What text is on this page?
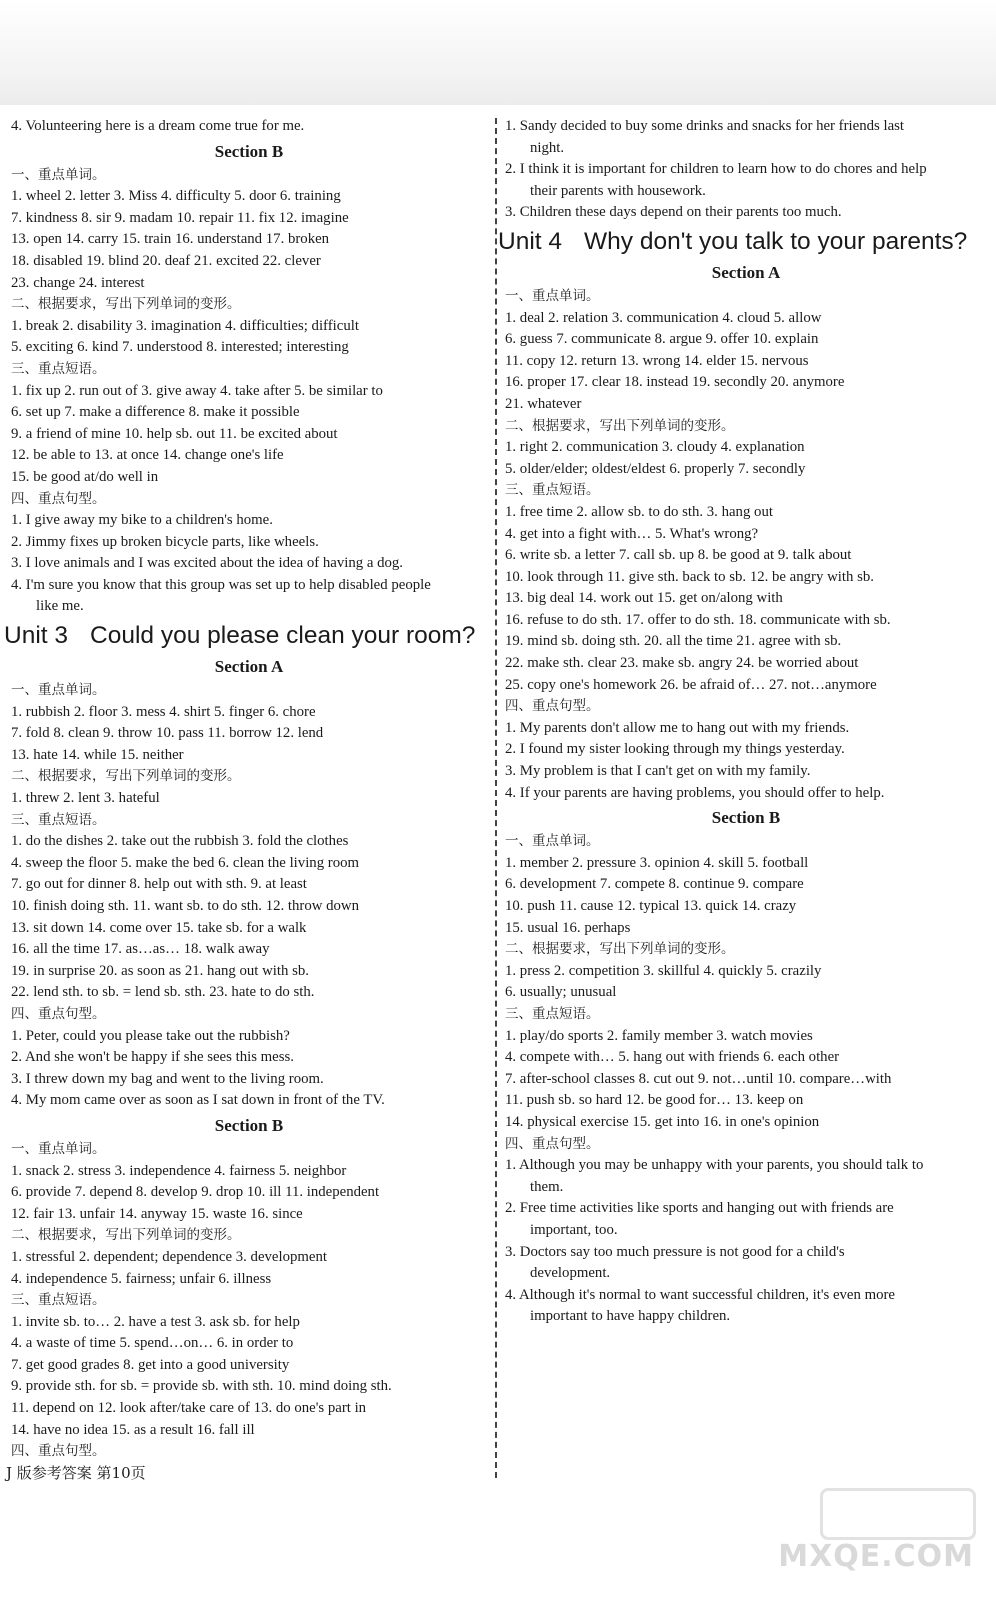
4. Volunteering here is a dream come true for me.
Section B
一、重点单词。
1. wheel 2. letter 3. Miss 4. difficulty 5. door 6. training
7. kindness 8. sir 9. madam 10. repair 11. fix 12. imagine
13. open 14. carry 15. train 16. understand 17. broken
18. disabled 19. blind 20. deaf 21. excited 22. clever
23. change 24. interest
二、根据要求，写出下列单词的变形。
1. break 2. disability 3. imagination 4. difficulties; difficult
5. exciting 6. kind 7. understood 8. interested; interesting
三、重点短语。
1. fix up 2. run out of 3. give away 4. take after 5. be similar to
6. set up 7. make a difference 8. make it possible
9. a friend of mine 10. help sb. out 11. be excited about
12. be able to 13. at once 14. change one's life
15. be good at/do well in
四、重点句型。
1. I give away my bike to a children's home.
2. Jimmy fixes up broken bicycle parts, like wheels.
3. I love animals and I was excited about the idea of having a dog.
4. I'm sure you know that this group was set up to help disabled people
like me.
Unit 3 Could you please clean your room?
Section A
一、重点单词。
1. rubbish 2. floor 3. mess 4. shirt 5. finger 6. chore
7. fold 8. clean 9. throw 10. pass 11. borrow 12. lend
13. hate 14. while 15. neither
二、根据要求，写出下列单词的变形。
1. threw 2. lent 3. hateful
三、重点短语。
1. do the dishes 2. take out the rubbish 3. fold the clothes
4. sweep the floor 5. make the bed 6. clean the living room
7. go out for dinner 8. help out with sth. 9. at least
10. finish doing sth. 11. want sb. to do sth. 12. throw down
13. sit down 14. come over 15. take sb. for a walk
16. all the time 17. as…as… 18. walk away
19. in surprise 20. as soon as 21. hang out with sb.
22. lend sth. to sb. = lend sb. sth. 23. hate to do sth.
四、重点句型。
1. Peter, could you please take out the rubbish?
2. And she won't be happy if she sees this mess.
3. I threw down my bag and went to the living room.
4. My mom came over as soon as I sat down in front of the TV.
Section B
一、重点单词。
1. snack 2. stress 3. independence 4. fairness 5. neighbor
6. provide 7. depend 8. develop 9. drop 10. ill 11. independent
12. fair 13. unfair 14. anyway 15. waste 16. since
二、根据要求，写出下列单词的变形。
1. stressful 2. dependent; dependence 3. development
4. independence 5. fairness; unfair 6. illness
三、重点短语。
1. invite sb. to… 2. have a test 3. ask sb. for help
4. a waste of time 5. spend…on… 6. in order to
7. get good grades 8. get into a good university
9. provide sth. for sb. = provide sb. with sth. 10. mind doing sth.
11. depend on 12. look after/take care of 13. do one's part in
14. have no idea 15. as a result 16. fall ill
四、重点句型。
1. Sandy decided to buy some drinks and snacks for her friends last
night.
2. I think it is important for children to learn how to do chores and help
their parents with housework.
3. Children these days depend on their parents too much.
Unit 4 Why don't you talk to your parents?
Section A
一、重点单词。
1. deal 2. relation 3. communication 4. cloud 5. allow
6. guess 7. communicate 8. argue 9. offer 10. explain
11. copy 12. return 13. wrong 14. elder 15. nervous
16. proper 17. clear 18. instead 19. secondly 20. anymore
21. whatever
二、根据要求，写出下列单词的变形。
1. right 2. communication 3. cloudy 4. explanation
5. older/elder; oldest/eldest 6. properly 7. secondly
三、重点短语。
1. free time 2. allow sb. to do sth. 3. hang out
4. get into a fight with… 5. What's wrong?
6. write sb. a letter 7. call sb. up 8. be good at 9. talk about
10. look through 11. give sth. back to sb. 12. be angry with sb.
13. big deal 14. work out 15. get on/along with
16. refuse to do sth. 17. offer to do sth. 18. communicate with sb.
19. mind sb. doing sth. 20. all the time 21. agree with sb.
22. make sth. clear 23. make sb. angry 24. be worried about
25. copy one's homework 26. be afraid of… 27. not…anymore
四、重点句型。
1. My parents don't allow me to hang out with my friends.
2. I found my sister looking through my things yesterday.
3. My problem is that I can't get on with my family.
4. If your parents are having problems, you should offer to help.
Section B
一、重点单词。
1. member 2. pressure 3. opinion 4. skill 5. football
6. development 7. compete 8. continue 9. compare
10. push 11. cause 12. typical 13. quick 14. crazy
15. usual 16. perhaps
二、根据要求，写出下列单词的变形。
1. press 2. competition 3. skillful 4. quickly 5. crazily
6. usually; unusual
三、重点短语。
1. play/do sports 2. family member 3. watch movies
4. compete with… 5. hang out with friends 6. each other
7. after-school classes 8. cut out 9. not…until 10. compare…with
11. push sb. so hard 12. be good for… 13. keep on
14. physical exercise 15. get into 16. in one's opinion
四、重点句型。
1. Although you may be unhappy with your parents, you should talk to
them.
2. Free time activities like sports and hanging out with friends are
important, too.
3. Doctors say too much pressure is not good for a child's
development.
4. Although it's normal to want successful children, it's even more
important to have happy children.
J 版参考答案 第10页
MXQE.COM
